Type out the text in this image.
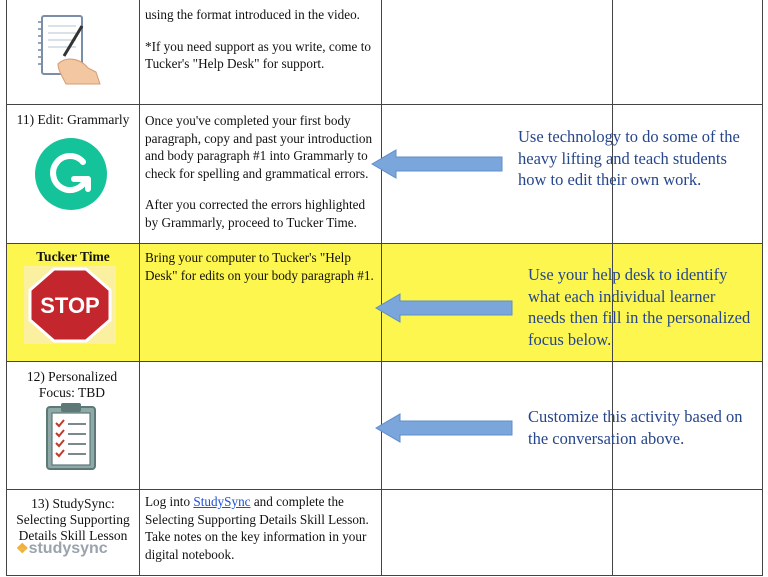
using the format introduced in the video.

*If you need support as you write, come to Tucker's "Help Desk" for support.

11) Edit: Grammarly	Once you've completed your first body paragraph, copy and past your introduction and body paragraph #1 into Grammarly to check for spelling and grammatical errors.

After you corrected the errors highlighted by Grammarly, proceed to Tucker Time.

Use technology to do some of the heavy lifting and teach students how to edit their own work.
Tucker Time
STOP

Bring your computer to Tucker's "Help Desk" for edits on your body paragraph #1.	Use your help desk to identify what each individual learner needs then fill in the personalized focus below.
12) Personalized Focus: TBD
Customize this activity based on the conversation above.
13) StudySync: Selecting Supporting Details Skill Lesson
❖studysync
Log into StudySync and complete the Selecting Supporting Details Skill Lesson. Take notes on the key information in your digital notebook.
